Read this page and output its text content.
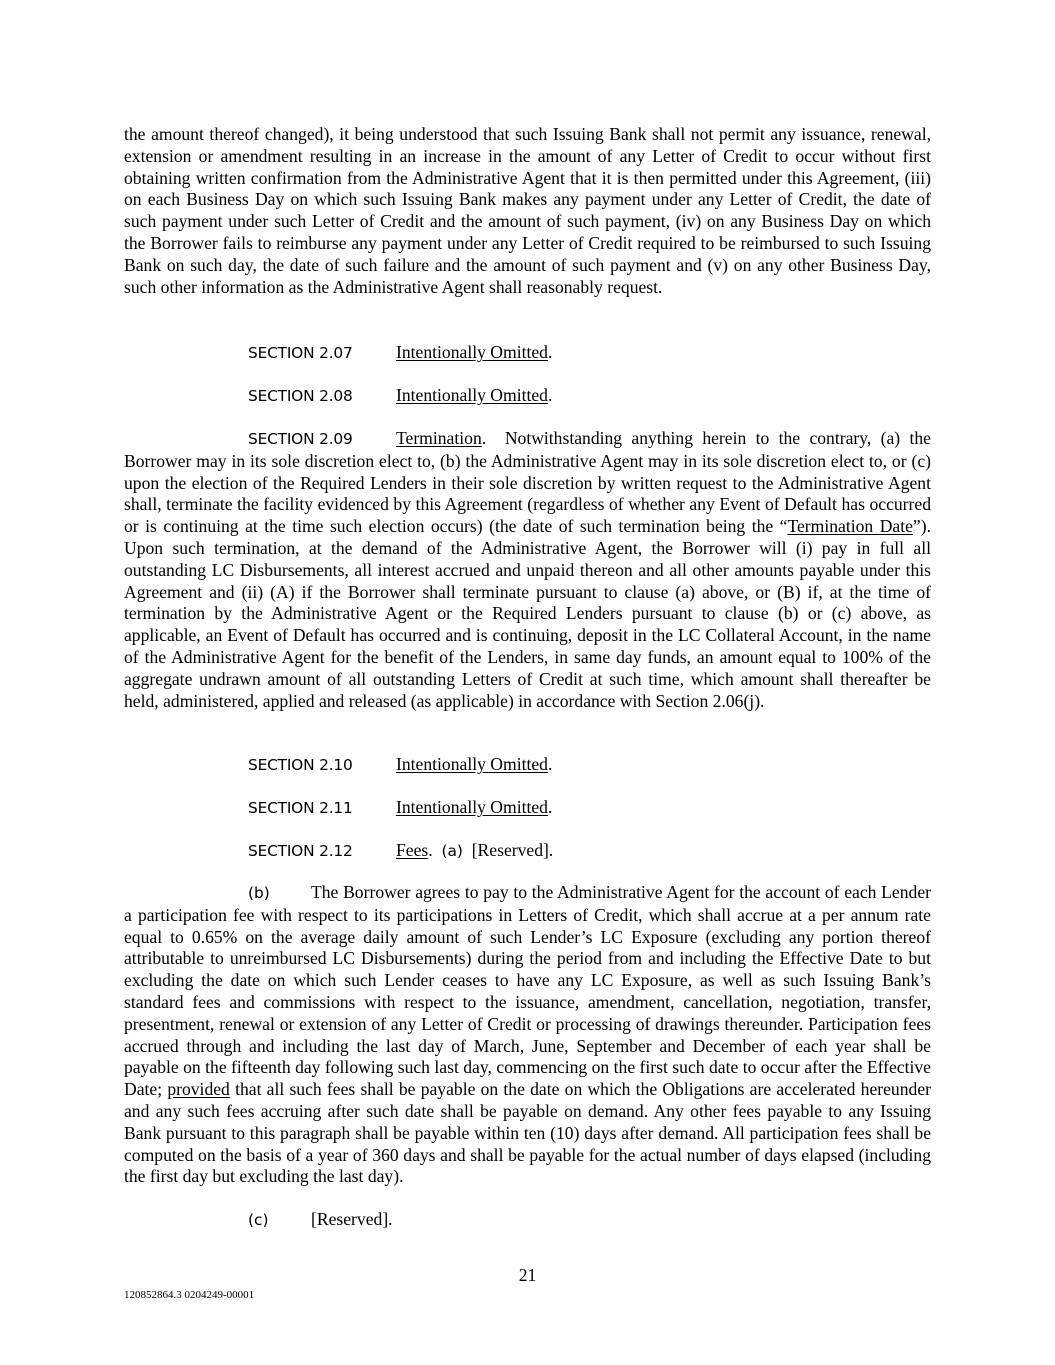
the amount thereof changed), it being understood that such Issuing Bank shall not permit any issuance, renewal, extension or amendment resulting in an increase in the amount of any Letter of Credit to occur without first obtaining written confirmation from the Administrative Agent that it is then permitted under this Agreement, (iii) on each Business Day on which such Issuing Bank makes any payment under any Letter of Credit, the date of such payment under such Letter of Credit and the amount of such payment, (iv) on any Business Day on which the Borrower fails to reimburse any payment under any Letter of Credit required to be reimbursed to such Issuing Bank on such day, the date of such failure and the amount of such payment and (v) on any other Business Day, such other information as the Administrative Agent shall reasonably request.

SECTION 2.07 Intentionally Omitted.

SECTION 2.08 Intentionally Omitted.

SECTION 2.09 Termination. Notwithstanding anything herein to the contrary, (a) the Borrower may in its sole discretion elect to, (b) the Administrative Agent may in its sole discretion elect to, or (c) upon the election of the Required Lenders in their sole discretion by written request to the Administrative Agent shall, terminate the facility evidenced by this Agreement (regardless of whether any Event of Default has occurred or is continuing at the time such election occurs) (the date of such termination being the “Termination Date”). Upon such termination, at the demand of the Administrative Agent, the Borrower will (i) pay in full all outstanding LC Disbursements, all interest accrued and unpaid thereon and all other amounts payable under this Agreement and (ii) (A) if the Borrower shall terminate pursuant to clause (a) above, or (B) if, at the time of termination by the Administrative Agent or the Required Lenders pursuant to clause (b) or (c) above, as applicable, an Event of Default has occurred and is continuing, deposit in the LC Collateral Account, in the name of the Administrative Agent for the benefit of the Lenders, in same day funds, an amount equal to 100% of the aggregate undrawn amount of all outstanding Letters of Credit at such time, which amount shall thereafter be held, administered, applied and released (as applicable) in accordance with Section 2.06(j).

SECTION 2.10 Intentionally Omitted.

SECTION 2.11 Intentionally Omitted.

SECTION 2.12 Fees. (a) [Reserved].

(b) The Borrower agrees to pay to the Administrative Agent for the account of each Lender a participation fee with respect to its participations in Letters of Credit, which shall accrue at a per annum rate equal to 0.65% on the average daily amount of such Lender’s LC Exposure (excluding any portion thereof attributable to unreimbursed LC Disbursements) during the period from and including the Effective Date to but excluding the date on which such Lender ceases to have any LC Exposure, as well as such Issuing Bank’s standard fees and commissions with respect to the issuance, amendment, cancellation, negotiation, transfer, presentment, renewal or extension of any Letter of Credit or processing of drawings thereunder. Participation fees accrued through and including the last day of March, June, September and December of each year shall be payable on the fifteenth day following such last day, commencing on the first such date to occur after the Effective Date; provided that all such fees shall be payable on the date on which the Obligations are accelerated hereunder and any such fees accruing after such date shall be payable on demand. Any other fees payable to any Issuing Bank pursuant to this paragraph shall be payable within ten (10) days after demand. All participation fees shall be computed on the basis of a year of 360 days and shall be payable for the actual number of days elapsed (including the first day but excluding the last day).

(c) [Reserved].

21
120852864.3 0204249-00001
